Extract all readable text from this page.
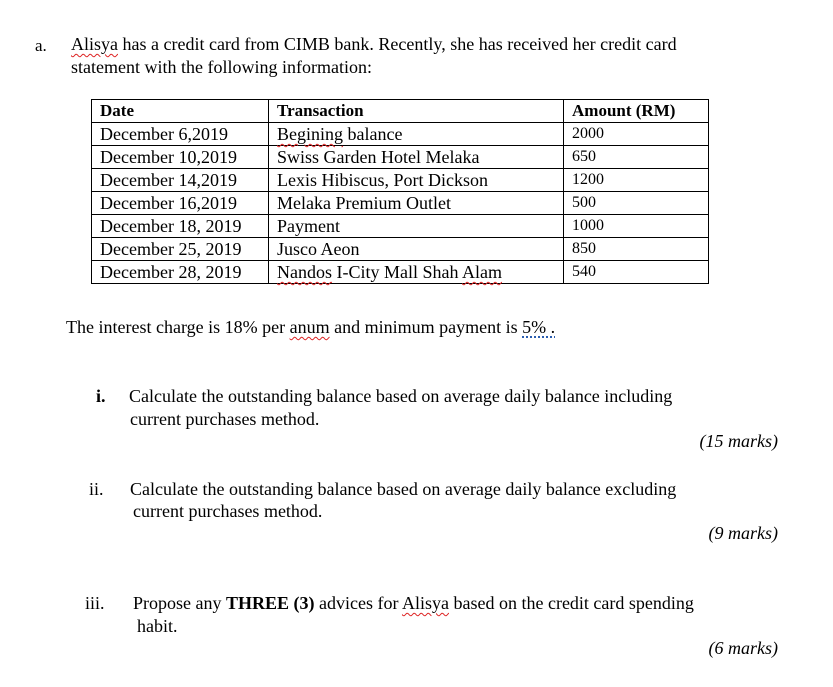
a. Alisya has a credit card from CIMB bank. Recently, she has received her credit card
statement with the following information:
Date	Transaction	Amount (RM)
December 6,2019	Begining balance	2000
December 10,2019	Swiss Garden Hotel Melaka	650
December 14,2019	Lexis Hibiscus, Port Dickson	1200
December 16,2019	Melaka Premium Outlet	500
December 18, 2019	Payment	1000
December 25, 2019	Jusco Aeon	850
December 28, 2019	Nandos I-City Mall Shah Alam	540
The interest charge is 18% per anum and minimum payment is 5% .
i. Calculate the outstanding balance based on average daily balance including
current purchases method.
(15 marks)
ii. Calculate the outstanding balance based on average daily balance excluding
current purchases method.
(9 marks)
iii. Propose any THREE (3) advices for Alisya based on the credit card spending
habit.
(6 marks)
